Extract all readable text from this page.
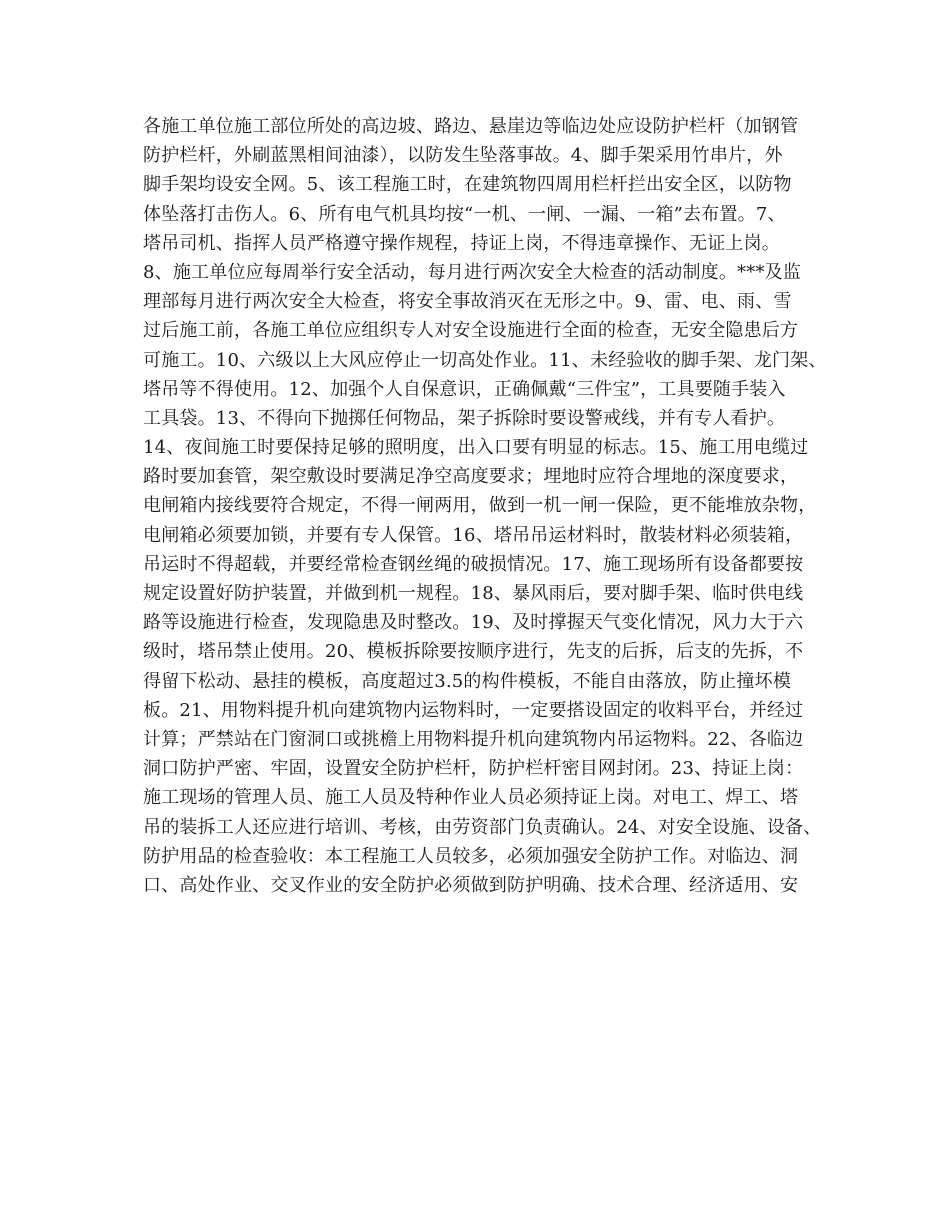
各施工单位施工部位所处的高边坡、路边、悬崖边等临边处应设防护栏杆（加钢管
防护栏杆，外刷蓝黑相间油漆），以防发生坠落事故。4、脚手架采用竹串片，外
脚手架均设安全网。5、该工程施工时，在建筑物四周用栏杆拦出安全区，以防物
体坠落打击伤人。6、所有电气机具均按“一机、一闸、一漏、一箱”去布置。7、
塔吊司机、指挥人员严格遵守操作规程，持证上岗，不得违章操作、无证上岗。
8、施工单位应每周举行安全活动，每月进行两次安全大检查的活动制度。***及监
理部每月进行两次安全大检查，将安全事故消灭在无形之中。9、雷、电、雨、雪
过后施工前，各施工单位应组织专人对安全设施进行全面的检查，无安全隐患后方
可施工。10、六级以上大风应停止一切高处作业。11、未经验收的脚手架、龙门架、
塔吊等不得使用。12、加强个人自保意识，正确佩戴“三件宝”，工具要随手装入
工具袋。13、不得向下抛掷任何物品，架子拆除时要设警戒线，并有专人看护。
14、夜间施工时要保持足够的照明度，出入口要有明显的标志。15、施工用电缆过
路时要加套管，架空敷设时要满足净空高度要求；埋地时应符合埋地的深度要求，
电闸箱内接线要符合规定，不得一闸两用，做到一机一闸一保险，更不能堆放杂物，
电闸箱必须要加锁，并要有专人保管。16、塔吊吊运材料时，散装材料必须装箱，
吊运时不得超载，并要经常检查钢丝绳的破损情况。17、施工现场所有设备都要按
规定设置好防护装置，并做到机一规程。18、暴风雨后，要对脚手架、临时供电线
路等设施进行检查，发现隐患及时整改。19、及时撑握天气变化情况，风力大于六
级时，塔吊禁止使用。20、模板拆除要按顺序进行，先支的后拆，后支的先拆，不
得留下松动、悬挂的模板，高度超过3.5的构件模板，不能自由落放，防止撞坏模
板。21、用物料提升机向建筑物内运物料时，一定要搭设固定的收料平台，并经过
计算；严禁站在门窗洞口或挑檐上用物料提升机向建筑物内吊运物料。22、各临边
洞口防护严密、牢固，设置安全防护栏杆，防护栏杆密目网封闭。23、持证上岗：
施工现场的管理人员、施工人员及特种作业人员必须持证上岗。对电工、焊工、塔
吊的装拆工人还应进行培训、考核，由劳资部门负责确认。24、对安全设施、设备、
防护用品的检查验收：本工程施工人员较多，必须加强安全防护工作。对临边、洞
口、高处作业、交叉作业的安全防护必须做到防护明确、技术合理、经济适用、安
